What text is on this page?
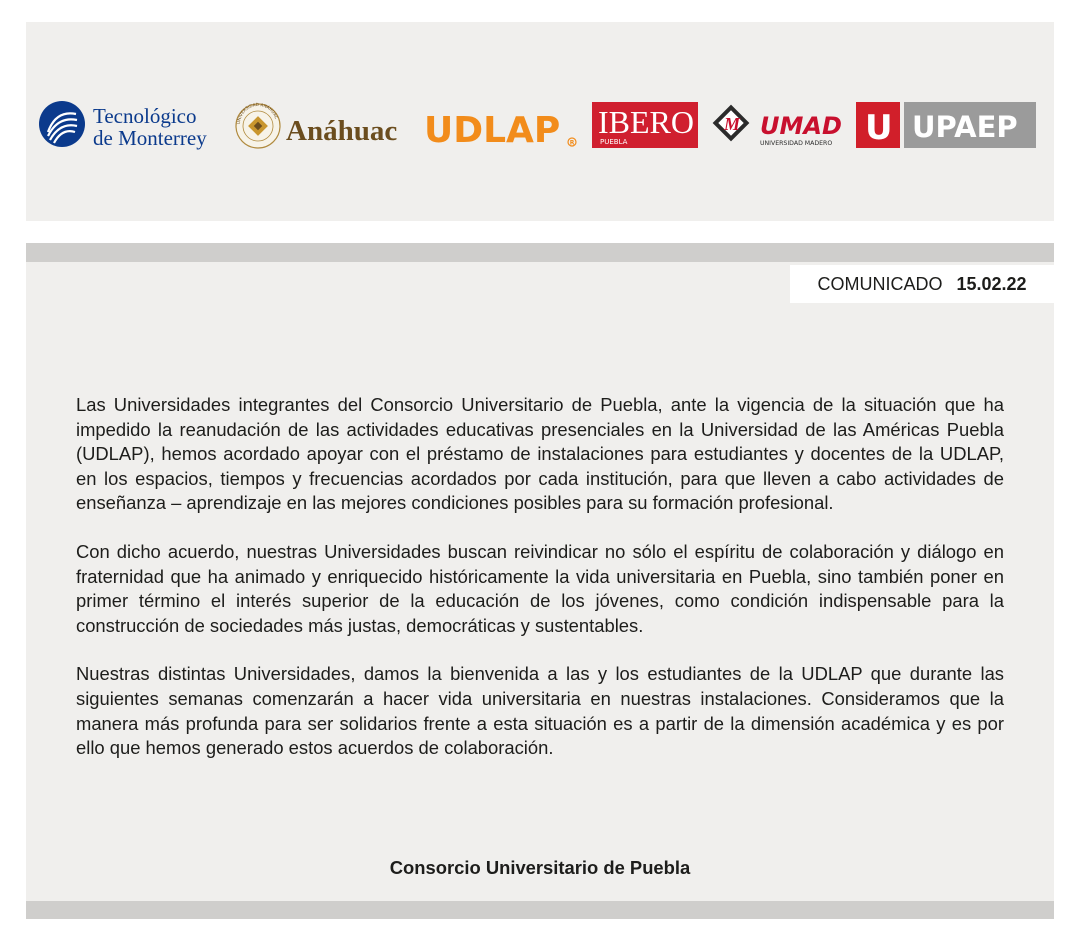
Tecnológico
de Monterrey
UNIVERSIDAD ANÁHUAC Anáhuac UDLAP R
IBERO
PUEBLA
M UMAD
UNIVERSIDAD MADERO U UPAEP
COMUNICADO 15.02.22

Las Universidades integrantes del Consorcio Universitario de Puebla, ante la vigencia de la situación que ha impedido la reanudación de las actividades educativas presenciales en la Universidad de las Américas Puebla (UDLAP), hemos acordado apoyar con el préstamo de instalaciones para estudiantes y docentes de la UDLAP, en los espacios, tiempos y frecuencias acordados por cada institución, para que lleven a cabo actividades de enseñanza – aprendizaje en las mejores condiciones posibles para su formación profesional.

Con dicho acuerdo, nuestras Universidades buscan reivindicar no sólo el espíritu de colaboración y diálogo en fraternidad que ha animado y enriquecido históricamente la vida universitaria en Puebla, sino también poner en primer término el interés superior de la educación de los jóvenes, como condición indispensable para la construcción de sociedades más justas, democráticas y sustentables.

Nuestras distintas Universidades, damos la bienvenida a las y los estudiantes de la UDLAP que durante las siguientes semanas comenzarán a hacer vida universitaria en nuestras instalaciones. Consideramos que la manera más profunda para ser solidarios frente a esta situación es a partir de la dimensión académica y es por ello que hemos generado estos acuerdos de colaboración.

Consorcio Universitario de Puebla
